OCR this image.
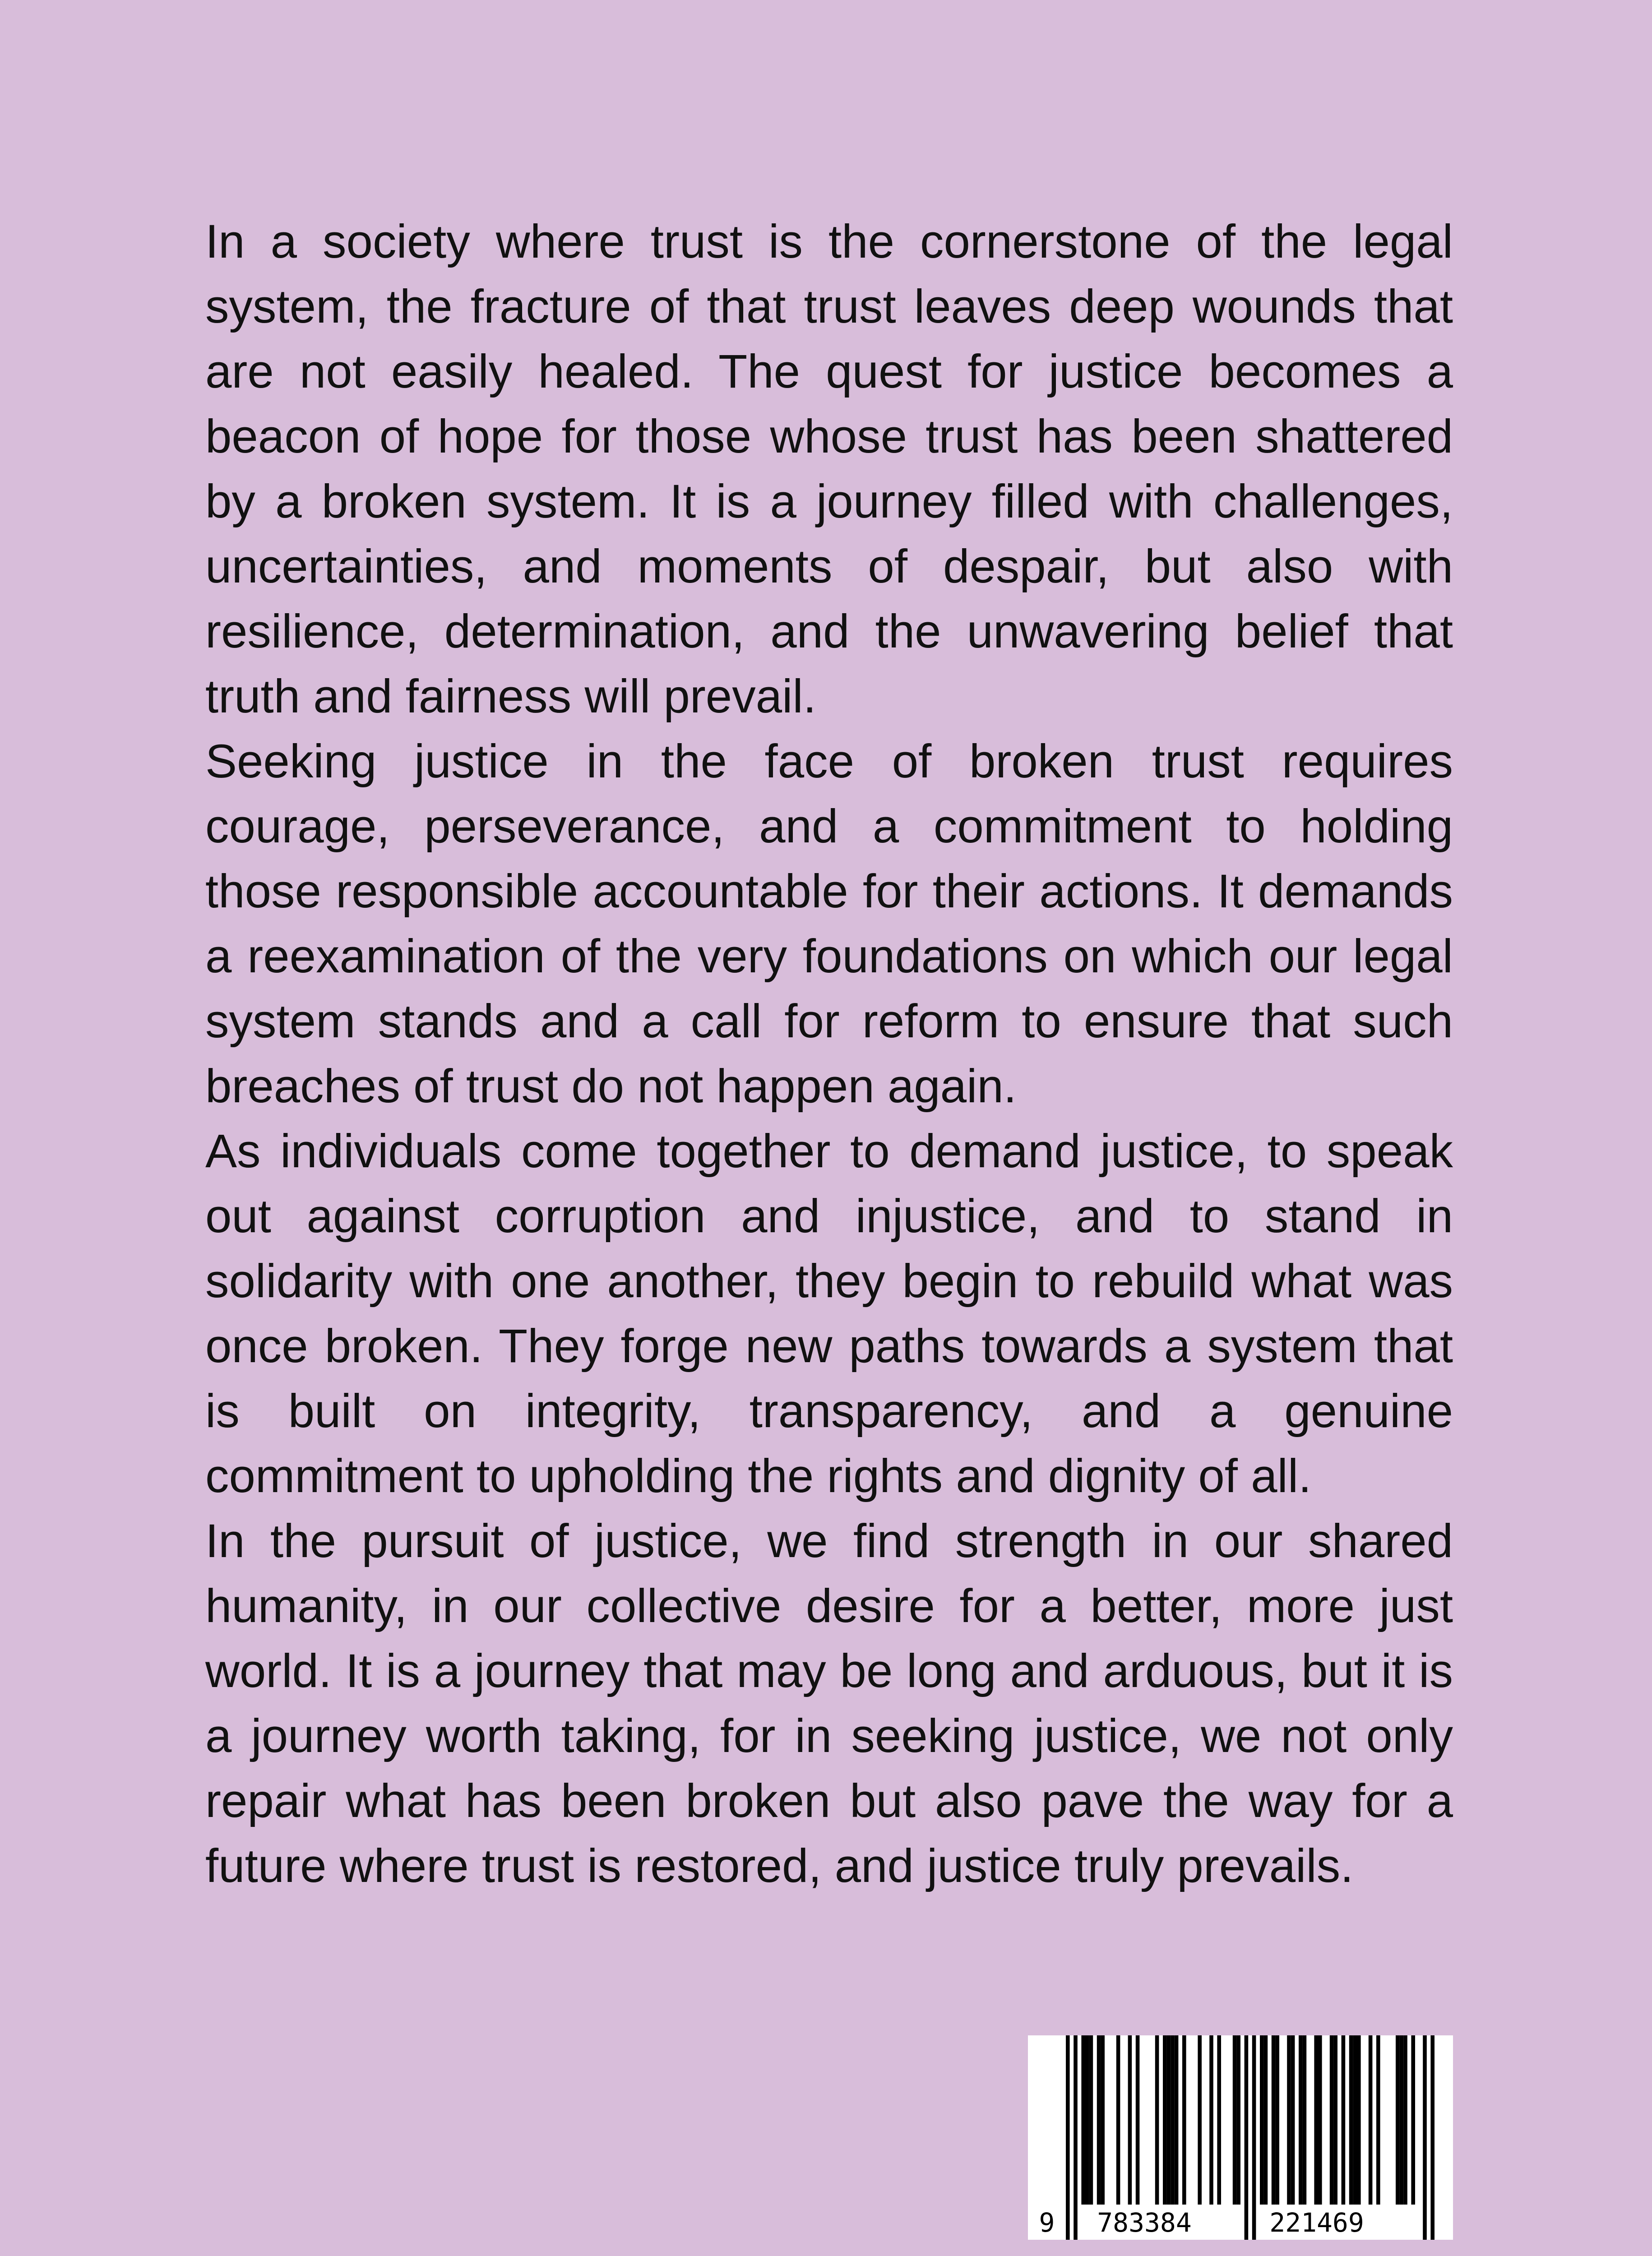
In a society where trust is the cornerstone of the legal system, the fracture of that trust leaves deep wounds that are not easily healed. The quest for justice becomes a beacon of hope for those whose trust has been shattered by a broken system. It is a journey filled with challenges, uncertainties, and moments of despair, but also with resilience, determination, and the unwavering belief that truth and fairness will prevail.

Seeking justice in the face of broken trust requires courage, perseverance, and a commitment to holding those responsible accountable for their actions. It demands a reexamination of the very foundations on which our legal system stands and a call for reform to ensure that such breaches of trust do not happen again.

As individuals come together to demand justice, to speak out against corruption and injustice, and to stand in solidarity with one another, they begin to rebuild what was once broken. They forge new paths towards a system that is built on integrity, transparency, and a genuine commitment to upholding the rights and dignity of all.

In the pursuit of justice, we find strength in our shared humanity, in our collective desire for a better, more just world. It is a journey that may be long and arduous, but it is a journey worth taking, for in seeking justice, we not only repair what has been broken but also pave the way for a future where trust is restored, and justice truly prevails.

9 783384	221469
